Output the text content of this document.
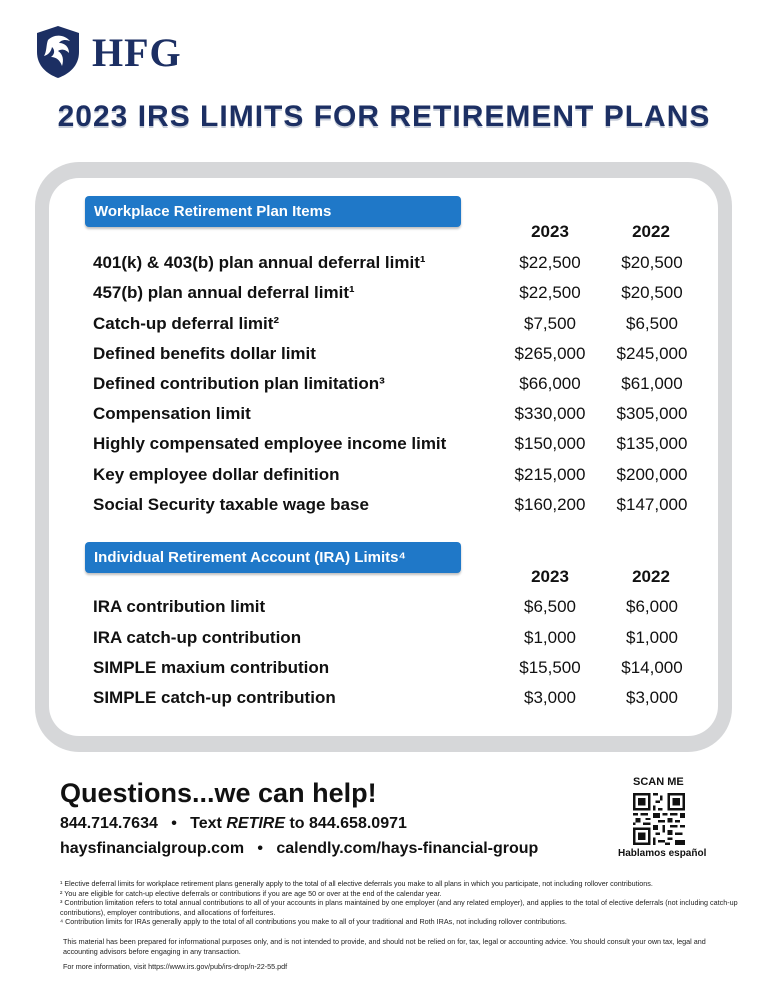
HFG
2023 IRS LIMITS FOR RETIREMENT PLANS
Workplace Retirement Plan Items
2023	2022
401(k) & 403(b) plan annual deferral limit¹	$22,500	$20,500
457(b) plan annual deferral limit¹	$22,500	$20,500
Catch-up deferral limit²	$7,500	$6,500
Defined benefits dollar limit	$265,000	$245,000
Defined contribution plan limitation³	$66,000	$61,000
Compensation limit	$330,000	$305,000
Highly compensated employee income limit	$150,000	$135,000
Key employee dollar definition	$215,000	$200,000
Social Security taxable wage base	$160,200	$147,000
Individual Retirement Account (IRA) Limits⁴
2023	2022
IRA contribution limit	$6,500	$6,000
IRA catch-up contribution	$1,000	$1,000
SIMPLE maxium contribution	$15,500	$14,000
SIMPLE catch-up contribution	$3,000	$3,000
Questions...we can help!
844.714.7634 • Text RETIRE to 844.658.0971
haysfinancialgroup.com • calendly.com/hays-financial-group
SCAN ME
Hablamos español
¹ Elective deferral limits for workplace retirement plans generally apply to the total of all elective deferrals you make to all plans in which you participate, not including rollover contributions.
² You are eligible for catch-up elective deferrals or contributions if you are age 50 or over at the end of the calendar year.
³ Contribution limitation refers to total annual contributions to all of your accounts in plans maintained by one employer (and any related employer), and applies to the total of elective deferrals (not including catch-up contributions), employer contributions, and allocations of forfeitures.
⁴ Contribution limits for IRAs generally apply to the total of all contributions you make to all of your traditional and Roth IRAs, not including rollover contributions.
This material has been prepared for informational purposes only, and is not intended to provide, and should not be relied on for, tax, legal or accounting advice. You should consult your own tax, legal and accounting advisors before engaging in any transaction.
For more information, visit https://www.irs.gov/pub/irs-drop/n-22-55.pdf
